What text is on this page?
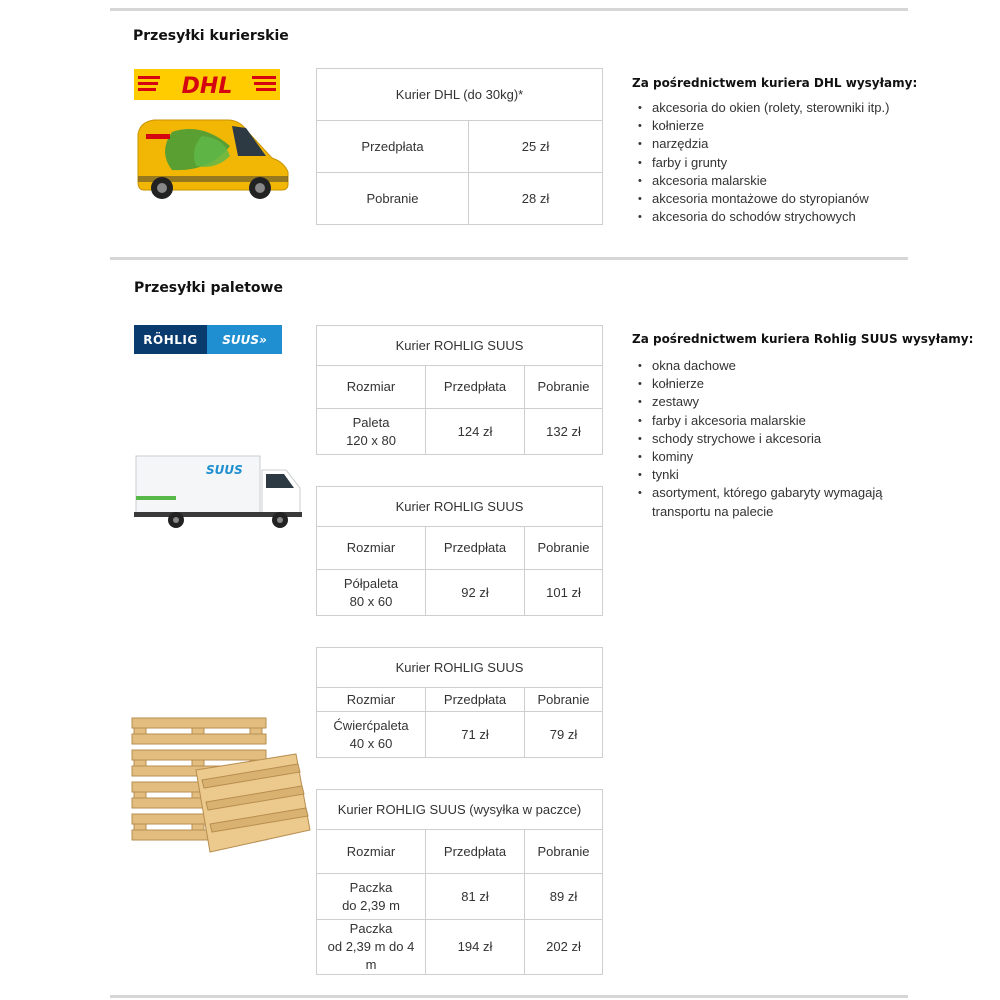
Przesyłki kurierskie
DHL	Kurier DHL (do 30kg)*	
Przedpłata	25 zł
Pobranie	28 zł
Za pośrednictwem kuriera DHL wysyłamy:
• akcesoria do okien (rolety, sterowniki itp.)
• kołnierze
• narzędzia
• farby i grunty
• akcesoria malarskie
• akcesoria montażowe do styropianów
• akcesoria do schodów strychowych
Przesyłki paletowe
RÖHLIG	SUUS»
SUUS
Kurier ROHLIG SUUS		
Rozmiar	Przedpłata	Pobranie

Paleta
120 x 80	124 zł	132 zł
Kurier ROHLIG SUUS		
Rozmiar	Przedpłata	Pobranie

Półpaleta
80 x 60	92 zł	101 zł
Kurier ROHLIG SUUS		
Rozmiar	Przedpłata	Pobranie

Ćwierćpaleta
40 x 60	71 zł	79 zł
Kurier ROHLIG SUUS (wysyłka w paczce)		
Rozmiar	Przedpłata	Pobranie

Paczka
do 2,39 m	81 zł	89 zł

Paczka
od 2,39 m do 4 m	194 zł	202 zł
Za pośrednictwem kuriera Rohlig SUUS wysyłamy:
• okna dachowe
• kołnierze
• zestawy
• farby i akcesoria malarskie
• schody strychowe i akcesoria
• kominy
• tynki
• asortyment, którego gabaryty wymagają transportu na palecie
